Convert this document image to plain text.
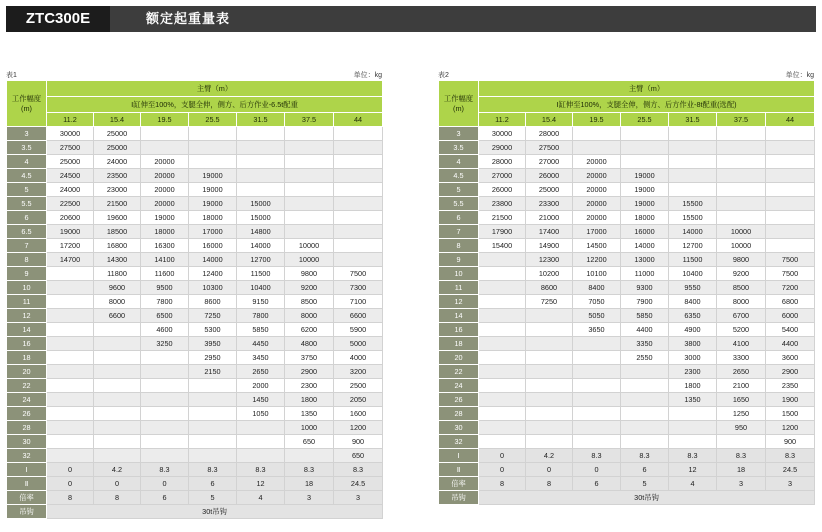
ZTC300E	额定起重量表
表1	单位：kg
工作幅度
(m)	主臂（m）						
	Ⅰ缸伸至100%，支腿全伸，侧方、后方作业-6.5t配重						
	11.2	15.4	19.5	25.5	31.5	37.5	44
3	30000	25000					
3.5	27500	25000					
4	25000	24000	20000				
4.5	24500	23500	20000	19000			
5	24000	23000	20000	19000			
5.5	22500	21500	20000	19000	15000		
6	20600	19600	19000	18000	15000		
6.5	19000	18500	18000	17000	14800		
7	17200	16800	16300	16000	14000	10000	
8	14700	14300	14100	14000	12700	10000	
9		11800	11600	12400	11500	9800	7500
10		9600	9500	10300	10400	9200	7300
11		8000	7800	8600	9150	8500	7100
12		6600	6500	7250	7800	8000	6600
14			4600	5300	5850	6200	5900
16			3250	3950	4450	4800	5000
18				2950	3450	3750	4000
20				2150	2650	2900	3200
22					2000	2300	2500
24					1450	1800	2050
26					1050	1350	1600
28						1000	1200
30						650	900
32							650
Ⅰ	0	4.2	8.3	8.3	8.3	8.3	8.3
Ⅱ	0	0	0	6	12	18	24.5
倍率	8	8	6	5	4	3	3
吊钩	30t吊钩						
表2	单位：kg
工作幅度
(m)	主臂（m）						
	Ⅰ缸伸至100%，支腿全伸，侧方、后方作业-8t配重(选配)						
	11.2	15.4	19.5	25.5	31.5	37.5	44
3	30000	28000					
3.5	29000	27500					
4	28000	27000	20000				
4.5	27000	26000	20000	19000			
5	26000	25000	20000	19000			
5.5	23800	23300	20000	19000	15500		
6	21500	21000	20000	18000	15500		
7	17900	17400	17000	16000	14000	10000	
8	15400	14900	14500	14000	12700	10000	
9		12300	12200	13000	11500	9800	7500
10		10200	10100	11000	10400	9200	7500
11		8600	8400	9300	9550	8500	7200
12		7250	7050	7900	8400	8000	6800
14			5050	5850	6350	6700	6000
16			3650	4400	4900	5200	5400
18				3350	3800	4100	4400
20				2550	3000	3300	3600
22					2300	2650	2900
24					1800	2100	2350
26					1350	1650	1900
28						1250	1500
30						950	1200
32							900
Ⅰ	0	4.2	8.3	8.3	8.3	8.3	8.3
Ⅱ	0	0	0	6	12	18	24.5
倍率	8	8	6	5	4	3	3
吊钩	30t吊钩						
